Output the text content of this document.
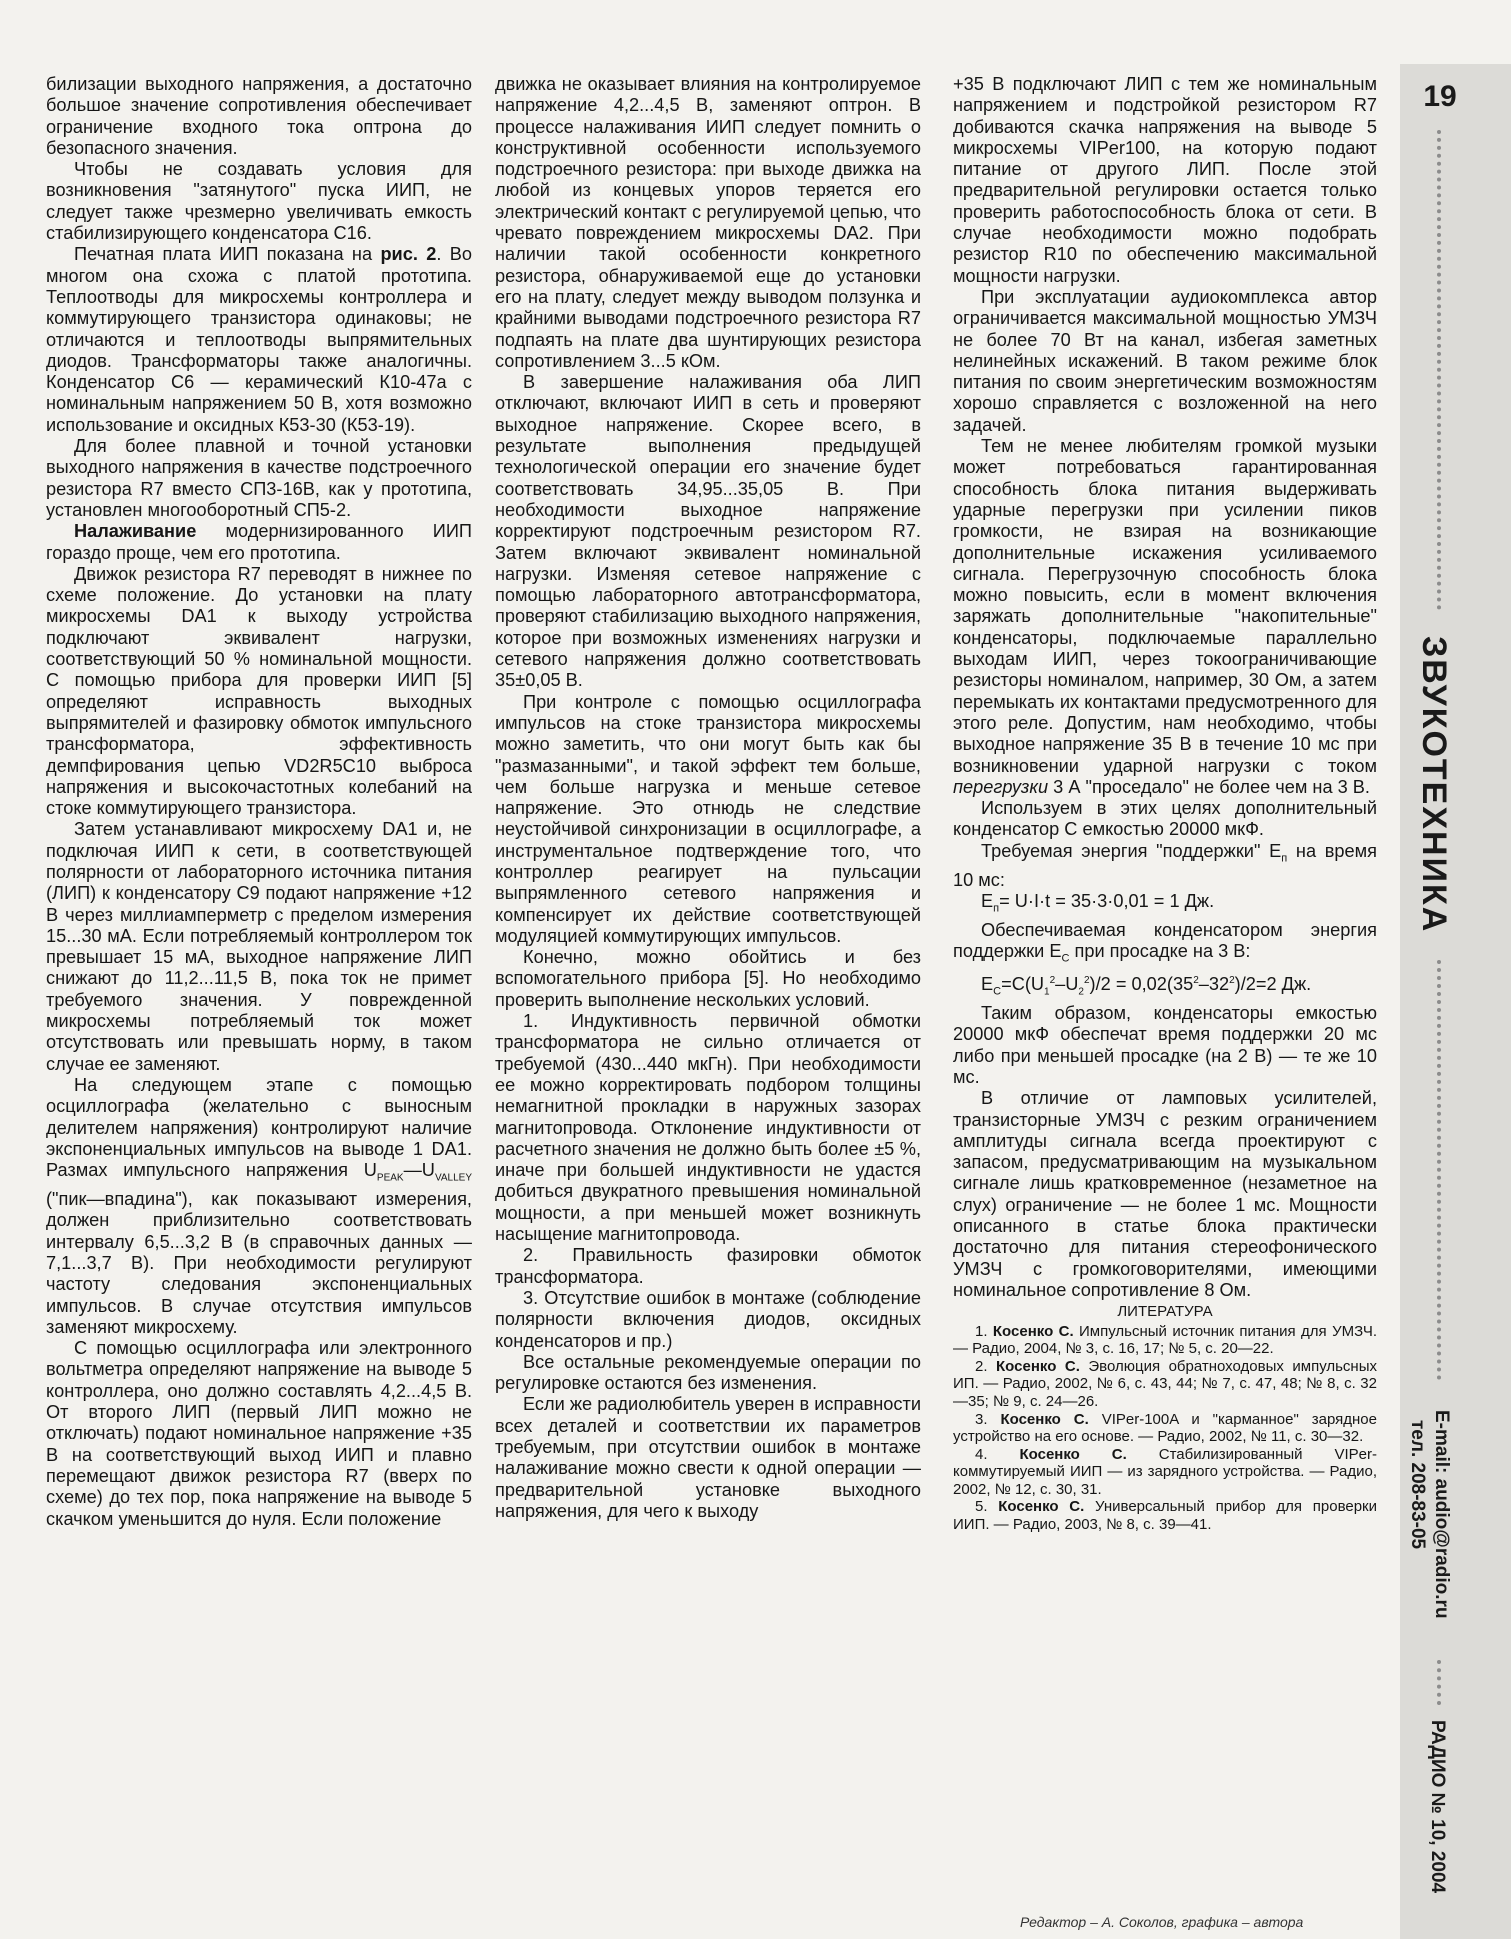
билизации выходного напряжения, а достаточно большое значение сопротивления обеспечивает ограничение входного тока оптрона до безопасного значения.

Чтобы не создавать условия для возникновения "затянутого" пуска ИИП, не следует также чрезмерно увеличивать емкость стабилизирующего конденсатора С16.

Печатная плата ИИП показана на рис. 2. Во многом она схожа с платой прототипа. Теплоотводы для микросхемы контроллера и коммутирующего транзистора одинаковы; не отличаются и теплоотводы выпрямительных диодов. Трансформаторы также аналогичны. Конденсатор С6 — керамический К10-47а с номинальным напряжением 50 В, хотя возможно использование и оксидных К53-30 (К53-19).

Для более плавной и точной установки выходного напряжения в качестве подстроечного резистора R7 вместо СП3-16В, как у прототипа, установлен многооборотный СП5-2.

Налаживание модернизированного ИИП гораздо проще, чем его прототипа.

Движок резистора R7 переводят в нижнее по схеме положение. До установки на плату микросхемы DA1 к выходу устройства подключают эквивалент нагрузки, соответствующий 50 % номинальной мощности. С помощью прибора для проверки ИИП [5] определяют исправность выходных выпрямителей и фазировку обмоток импульсного трансформатора, эффективность демпфирования цепью VD2R5C10 выброса напряжения и высокочастотных колебаний на стоке коммутирующего транзистора.

Затем устанавливают микросхему DA1 и, не подключая ИИП к сети, в соответствующей полярности от лабораторного источника питания (ЛИП) к конденсатору С9 подают напряжение +12 В через миллиамперметр с пределом измерения 15...30 мА. Если потребляемый контроллером ток превышает 15 мА, выходное напряжение ЛИП снижают до 11,2...11,5 В, пока ток не примет требуемого значения. У поврежденной микросхемы потребляемый ток может отсутствовать или превышать норму, в таком случае ее заменяют.

На следующем этапе с помощью осциллографа (желательно с выносным делителем напряжения) контролируют наличие экспоненциальных импульсов на выводе 1 DA1. Размах импульсного напряжения $U_{PEAK}—U_{VALLEY}$ ("пик—впадина"), как показывают измерения, должен приблизительно соответствовать интервалу 6,5...3,2 В (в справочных данных — 7,1...3,7 В). При необходимости регулируют частоту следования экспоненциальных импульсов. В случае отсутствия импульсов заменяют микросхему.

С помощью осциллографа или электронного вольтметра определяют напряжение на выводе 5 контроллера, оно должно составлять 4,2...4,5 В. От второго ЛИП (первый ЛИП можно не отключать) подают номинальное напряжение +35 В на соответствующий выход ИИП и плавно перемещают движок резистора R7 (вверх по схеме) до тех пор, пока напряжение на выводе 5 скачком уменьшится до нуля. Если положение

движка не оказывает влияния на контролируемое напряжение 4,2...4,5 В, заменяют оптрон. В процессе налаживания ИИП следует помнить о конструктивной особенности используемого подстроечного резистора: при выходе движка на любой из концевых упоров теряется его электрический контакт с регулируемой цепью, что чревато повреждением микросхемы DA2. При наличии такой особенности конкретного резистора, обнаруживаемой еще до установки его на плату, следует между выводом ползунка и крайними выводами подстроечного резистора R7 подпаять на плате два шунтирующих резистора сопротивлением 3...5 кОм.

В завершение налаживания оба ЛИП отключают, включают ИИП в сеть и проверяют выходное напряжение. Скорее всего, в результате выполнения предыдущей технологической операции его значение будет соответствовать 34,95...35,05 В. При необходимости выходное напряжение корректируют подстроечным резистором R7. Затем включают эквивалент номинальной нагрузки. Изменяя сетевое напряжение с помощью лабораторного автотрансформатора, проверяют стабилизацию выходного напряжения, которое при возможных изменениях нагрузки и сетевого напряжения должно соответствовать 35±0,05 В.

При контроле с помощью осциллографа импульсов на стоке транзистора микросхемы можно заметить, что они могут быть как бы "размазанными", и такой эффект тем больше, чем больше нагрузка и меньше сетевое напряжение. Это отнюдь не следствие неустойчивой синхронизации в осциллографе, а инструментальное подтверждение того, что контроллер реагирует на пульсации выпрямленного сетевого напряжения и компенсирует их действие соответствующей модуляцией коммутирующих импульсов.

Конечно, можно обойтись и без вспомогательного прибора [5]. Но необходимо проверить выполнение нескольких условий.

1. Индуктивность первичной обмотки трансформатора не сильно отличается от требуемой (430...440 мкГн). При необходимости ее можно корректировать подбором толщины немагнитной прокладки в наружных зазорах магнитопровода. Отклонение индуктивности от расчетного значения не должно быть более ±5 %, иначе при большей индуктивности не удастся добиться двукратного превышения номинальной мощности, а при меньшей может возникнуть насыщение магнитопровода.

2. Правильность фазировки обмоток трансформатора.

3. Отсутствие ошибок в монтаже (соблюдение полярности включения диодов, оксидных конденсаторов и пр.)

Все остальные рекомендуемые операции по регулировке остаются без изменения.

Если же радиолюбитель уверен в исправности всех деталей и соответствии их параметров требуемым, при отсутствии ошибок в монтаже налаживание можно свести к одной операции — предварительной установке выходного напряжения, для чего к выходу

+35 В подключают ЛИП с тем же номинальным напряжением и подстройкой резистором R7 добиваются скачка напряжения на выводе 5 микросхемы VIPer100, на которую подают питание от другого ЛИП. После этой предварительной регулировки остается только проверить работоспособность блока от сети. В случае необходимости можно подобрать резистор R10 по обеспечению максимальной мощности нагрузки.

При эксплуатации аудиокомплекса автор ограничивается максимальной мощностью УМЗЧ не более 70 Вт на канал, избегая заметных нелинейных искажений. В таком режиме блок питания по своим энергетическим возможностям хорошо справляется с возложенной на него задачей.

Тем не менее любителям громкой музыки может потребоваться гарантированная способность блока питания выдерживать ударные перегрузки при усилении пиков громкости, не взирая на возникающие дополнительные искажения усиливаемого сигнала. Перегрузочную способность блока можно повысить, если в момент включения заряжать дополнительные "накопительные" конденсаторы, подключаемые параллельно выходам ИИП, через токоограничивающие резисторы номиналом, например, 30 Ом, а затем перемыкать их контактами предусмотренного для этого реле. Допустим, нам необходимо, чтобы выходное напряжение 35 В в течение 10 мс при возникновении ударной нагрузки с током перегрузки 3 А "проседало" не более чем на 3 В.

Используем в этих целях дополнительный конденсатор С емкостью 20000 мкФ.

Требуемая энергия "поддержки" $E_п$ на время 10 мс:

$E_п= U\cdot I\cdot t = 35\cdot 3\cdot 0,01 = 1$ Дж.

Обеспечиваемая конденсатором энергия поддержки $E_С$ при просадке на 3 В:

$E_С=C(U_1^2-U_2^2)/2 = 0,02(35^2-32^2)/2=2$ Дж.

Таким образом, конденсаторы емкостью 20000 мкФ обеспечат время поддержки 20 мс либо при меньшей просадке (на 2 В) — те же 10 мс.

В отличие от ламповых усилителей, транзисторные УМЗЧ с резким ограничением амплитуды сигнала всегда проектируют с запасом, предусматривающим на музыкальном сигнале лишь кратковременное (незаметное на слух) ограничение — не более 1 мс. Мощности описанного в статье блока практически достаточно для питания стереофонического УМЗЧ с громкоговорителями, имеющими номинальное сопротивление 8 Ом.

ЛИТЕРАТУРА

1. Косенко С. Импульсный источник питания для УМЗЧ. — Радио, 2004, № 3, с. 16, 17; № 5, с. 20—22.

2. Косенко С. Эволюция обратноходовых импульсных ИП. — Радио, 2002, № 6, с. 43, 44; № 7, с. 47, 48; № 8, с. 32—35; № 9, с. 24—26.

3. Косенко С. VIPer-100A и "карманное" зарядное устройство на его основе. — Радио, 2002, № 11, с. 30—32.

4. Косенко С. Стабилизированный VIPer-коммутируемый ИИП — из зарядного устройства. — Радио, 2002, № 12, с. 30, 31.

5. Косенко С. Универсальный прибор для проверки ИИП. — Радио, 2003, № 8, с. 39—41.

19
ЗВУКОТЕХНИКА
E-mail: audio@radio.ru
тел. 208-83-05
РАДИО № 10, 2004
Редактор – А. Соколов, графика – автора
